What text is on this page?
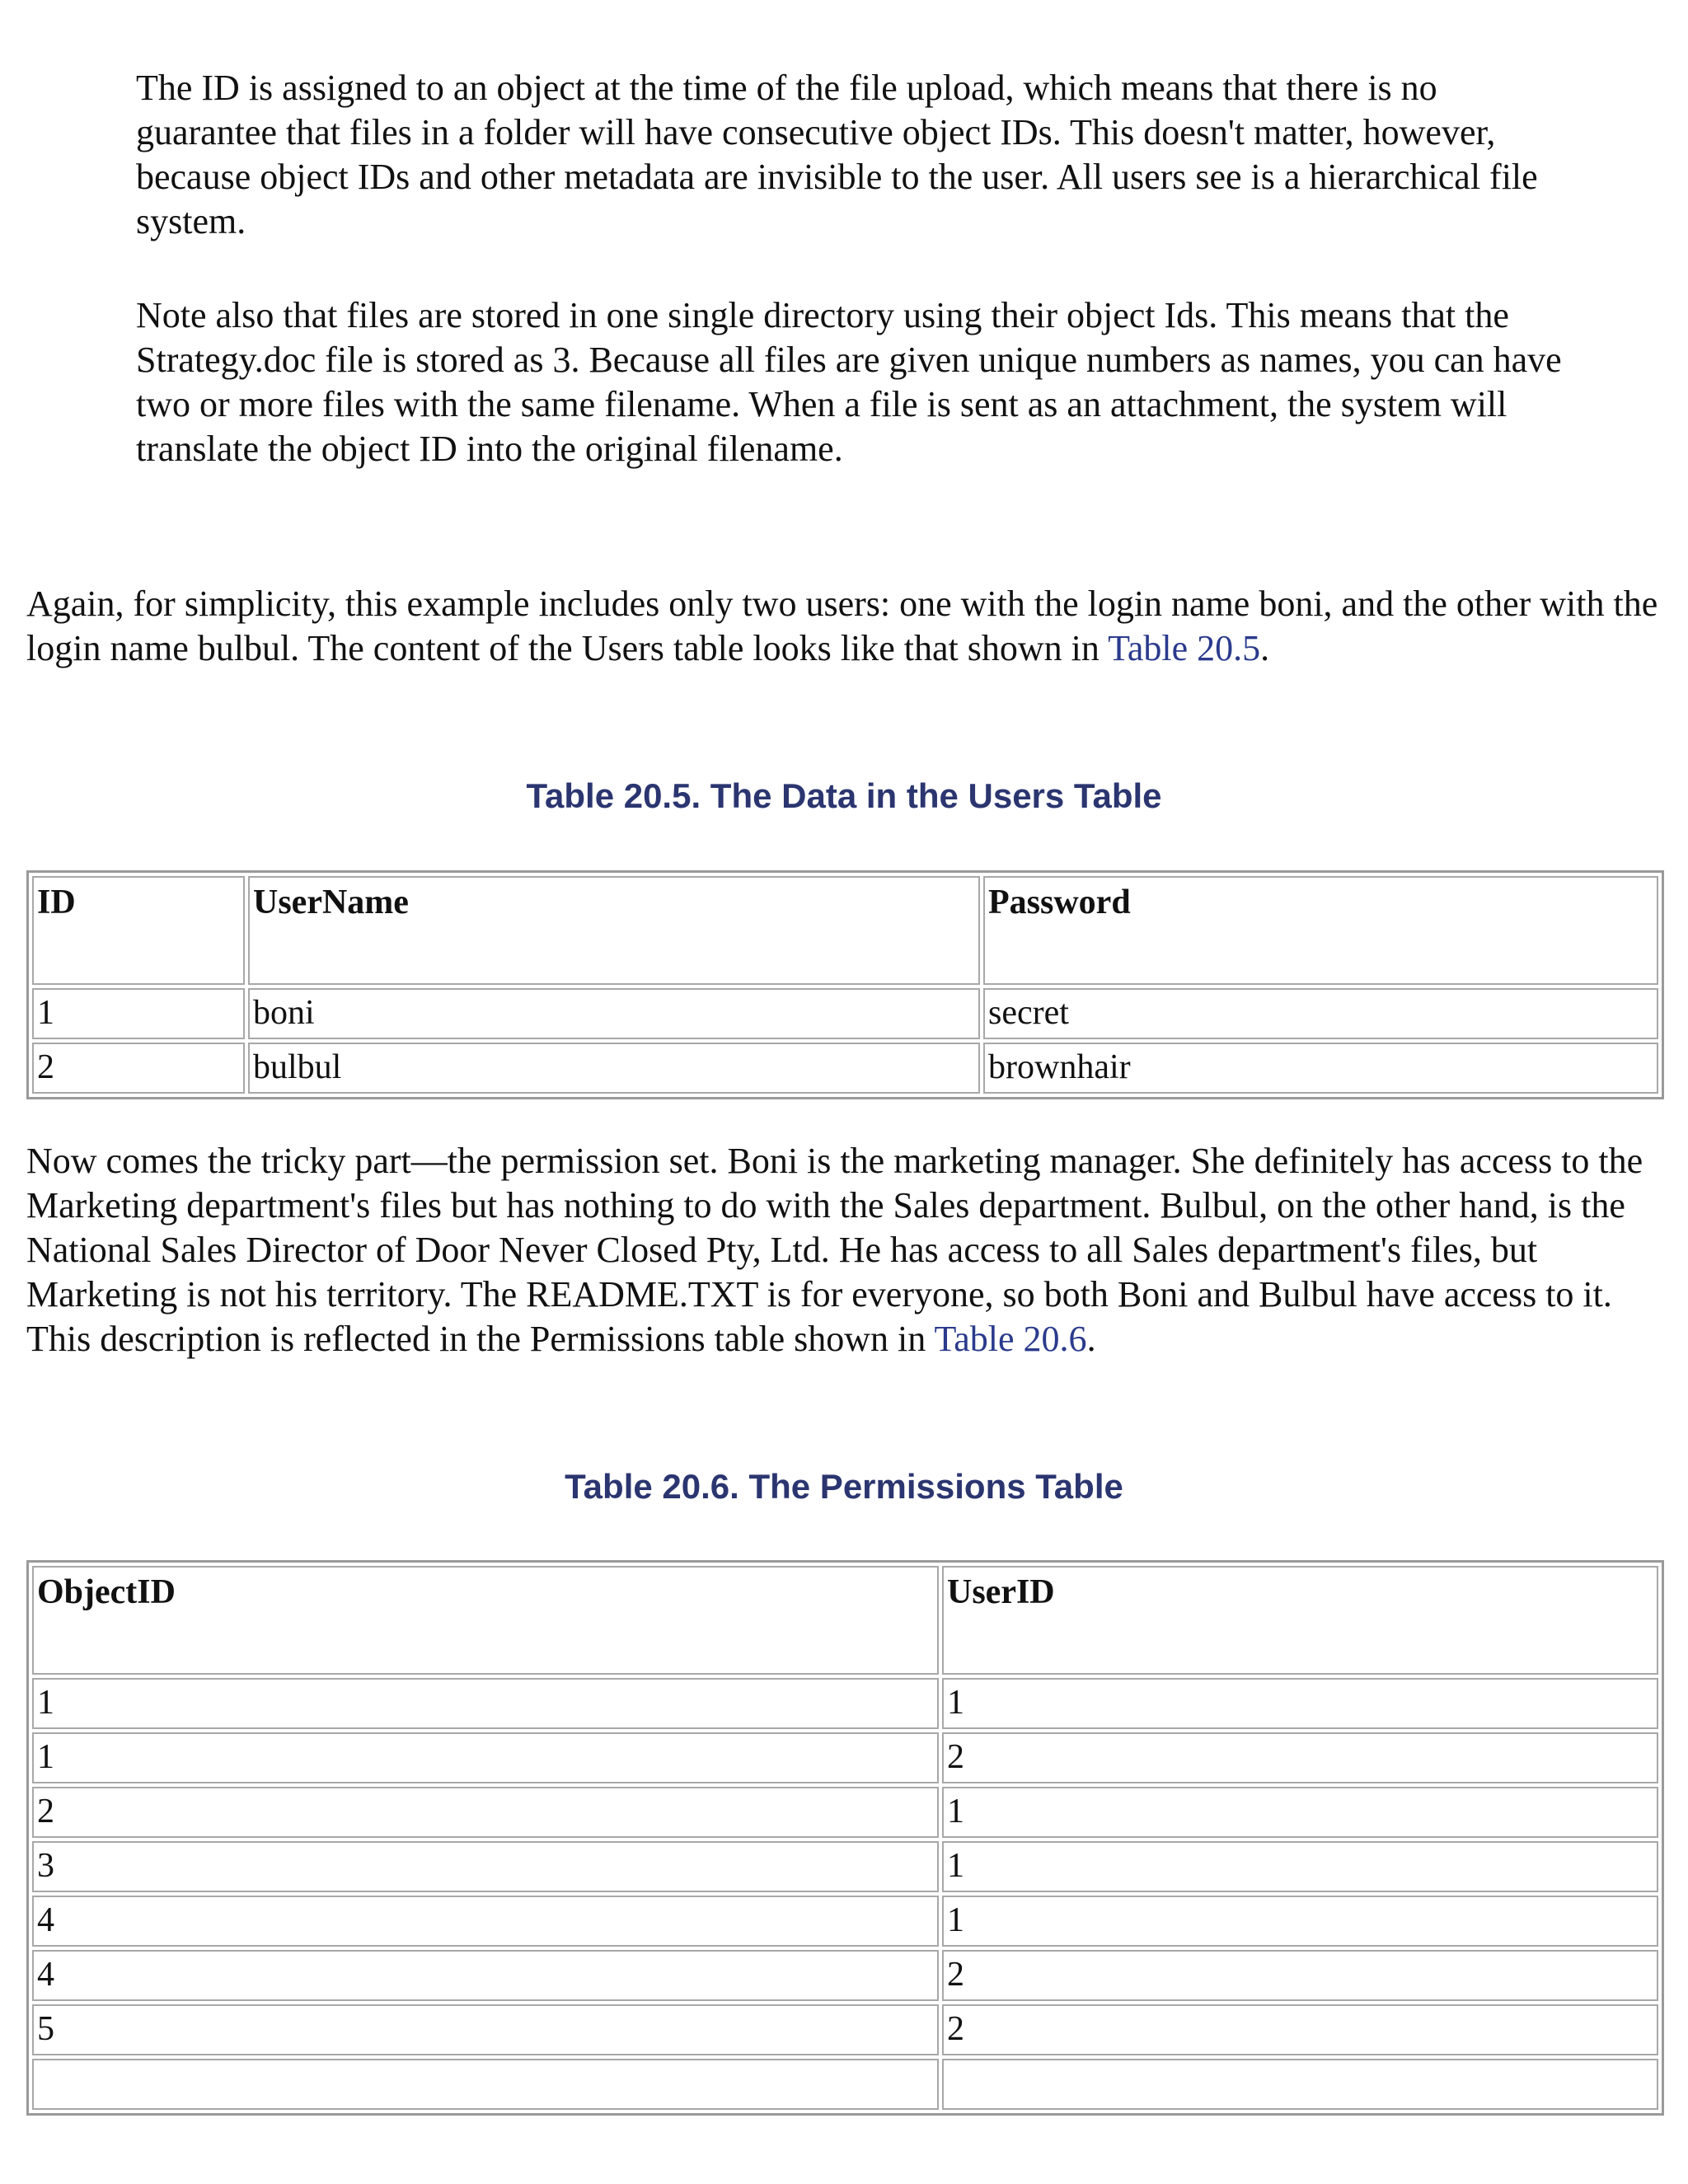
The ID is assigned to an object at the time of the file upload, which means that there is no guarantee that files in a folder will have consecutive object IDs. This doesn't matter, however, because object IDs and other metadata are invisible to the user. All users see is a hierarchical file system.

Note also that files are stored in one single directory using their object Ids. This means that the Strategy.doc file is stored as 3. Because all files are given unique numbers as names, you can have two or more files with the same filename. When a file is sent as an attachment, the system will translate the object ID into the original filename.

Again, for simplicity, this example includes only two users: one with the login name boni, and the other with the login name bulbul. The content of the Users table looks like that shown in Table 20.5.

Table 20.5. The Data in the Users Table

ID	UserName	Password
1	boni	secret
2	bulbul	brownhair

Now comes the tricky part—the permission set. Boni is the marketing manager. She definitely has access to the Marketing department's files but has nothing to do with the Sales department. Bulbul, on the other hand, is the National Sales Director of Door Never Closed Pty, Ltd. He has access to all Sales department's files, but Marketing is not his territory. The README.TXT is for everyone, so both Boni and Bulbul have access to it. This description is reflected in the Permissions table shown in Table 20.6.

Table 20.6. The Permissions Table

ObjectID	UserID
1	1
1	2
2	1
3	1
4	1
4	2
5	2
